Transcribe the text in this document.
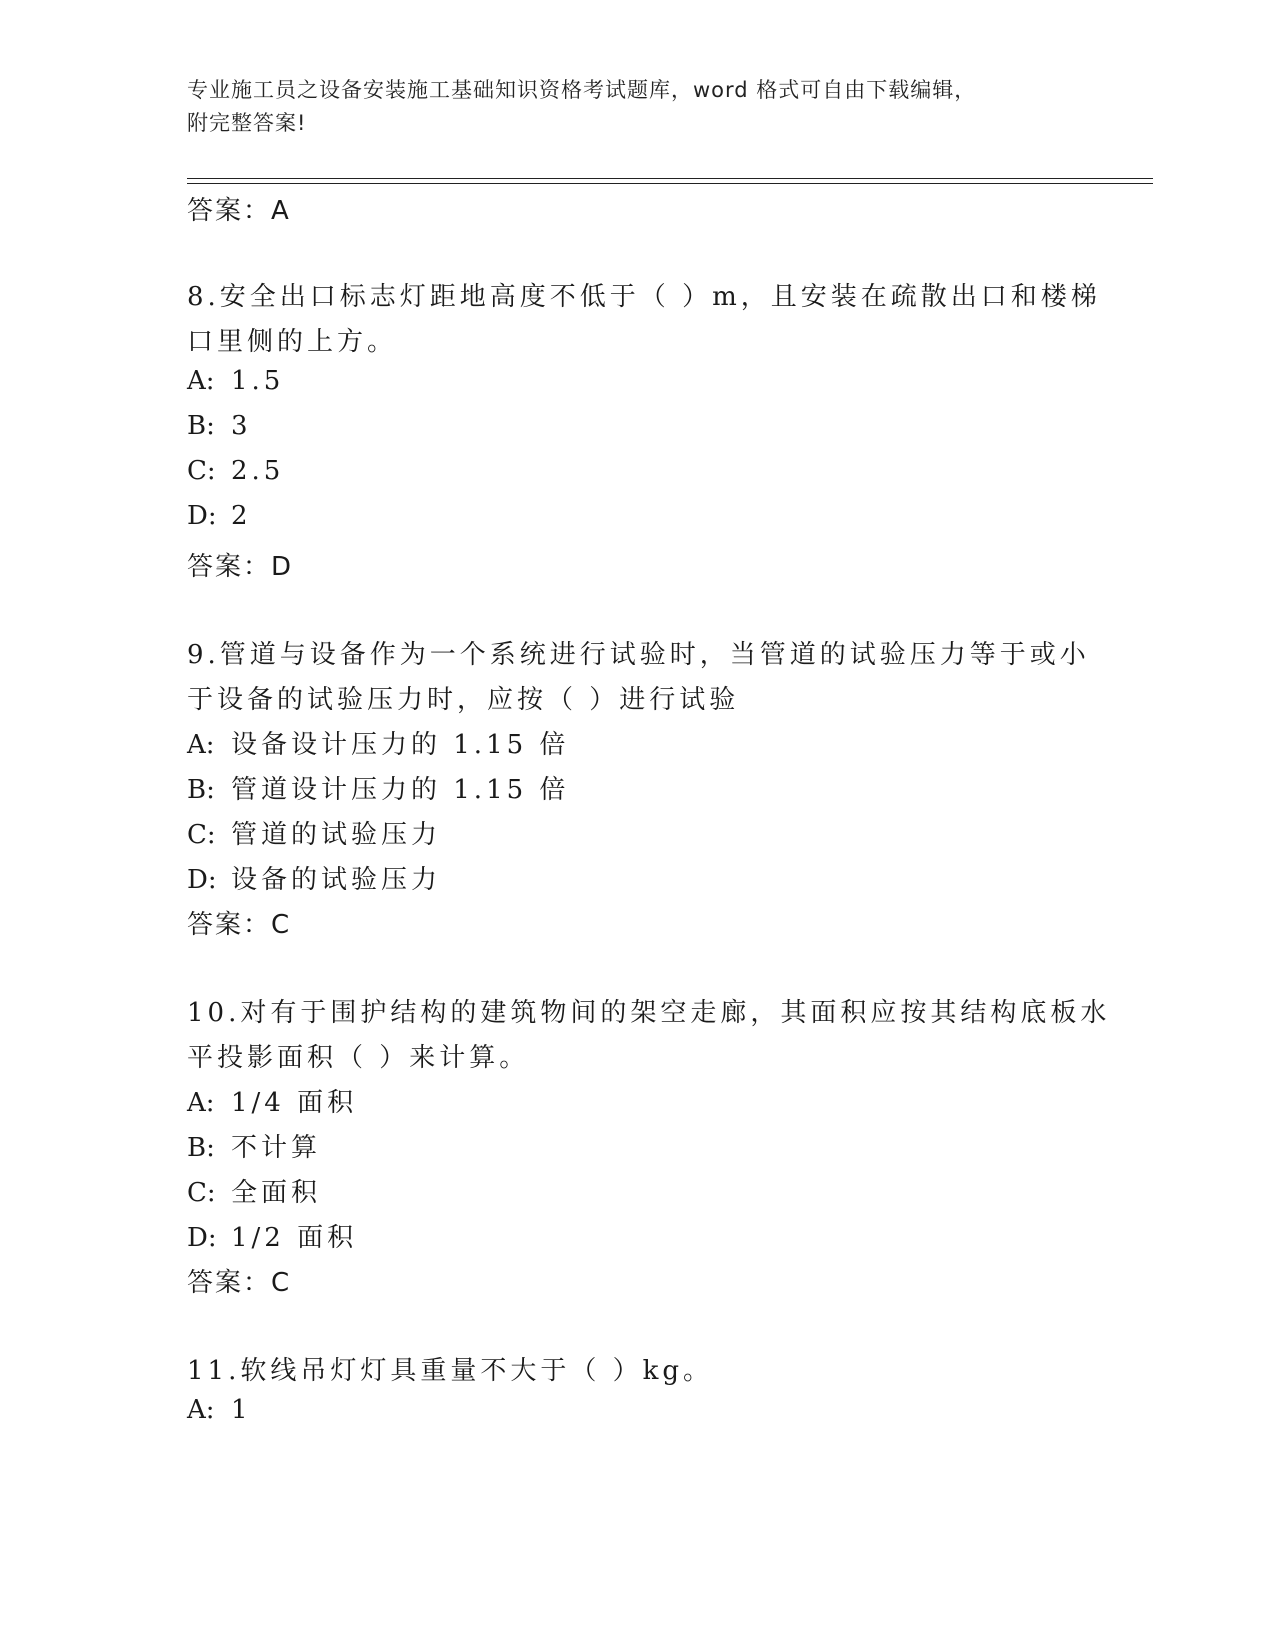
专业施工员之设备安装施工基础知识资格考试题库，word 格式可自由下载编辑，
附完整答案!
答案：A
8.安全出口标志灯距地高度不低于（ ）m，且安装在疏散出口和楼梯
口里侧的上方。
A: 1.5
B: 3
C: 2.5
D: 2
答案：D
9.管道与设备作为一个系统进行试验时，当管道的试验压力等于或小
于设备的试验压力时，应按（ ）进行试验
A: 设备设计压力的 1.15 倍
B: 管道设计压力的 1.15 倍
C: 管道的试验压力
D: 设备的试验压力
答案：C
10.对有于围护结构的建筑物间的架空走廊，其面积应按其结构底板水
平投影面积（ ）来计算。
A: 1/4 面积
B: 不计算
C: 全面积
D: 1/2 面积
答案：C
11.软线吊灯灯具重量不大于（ ）kg。
A: 1
